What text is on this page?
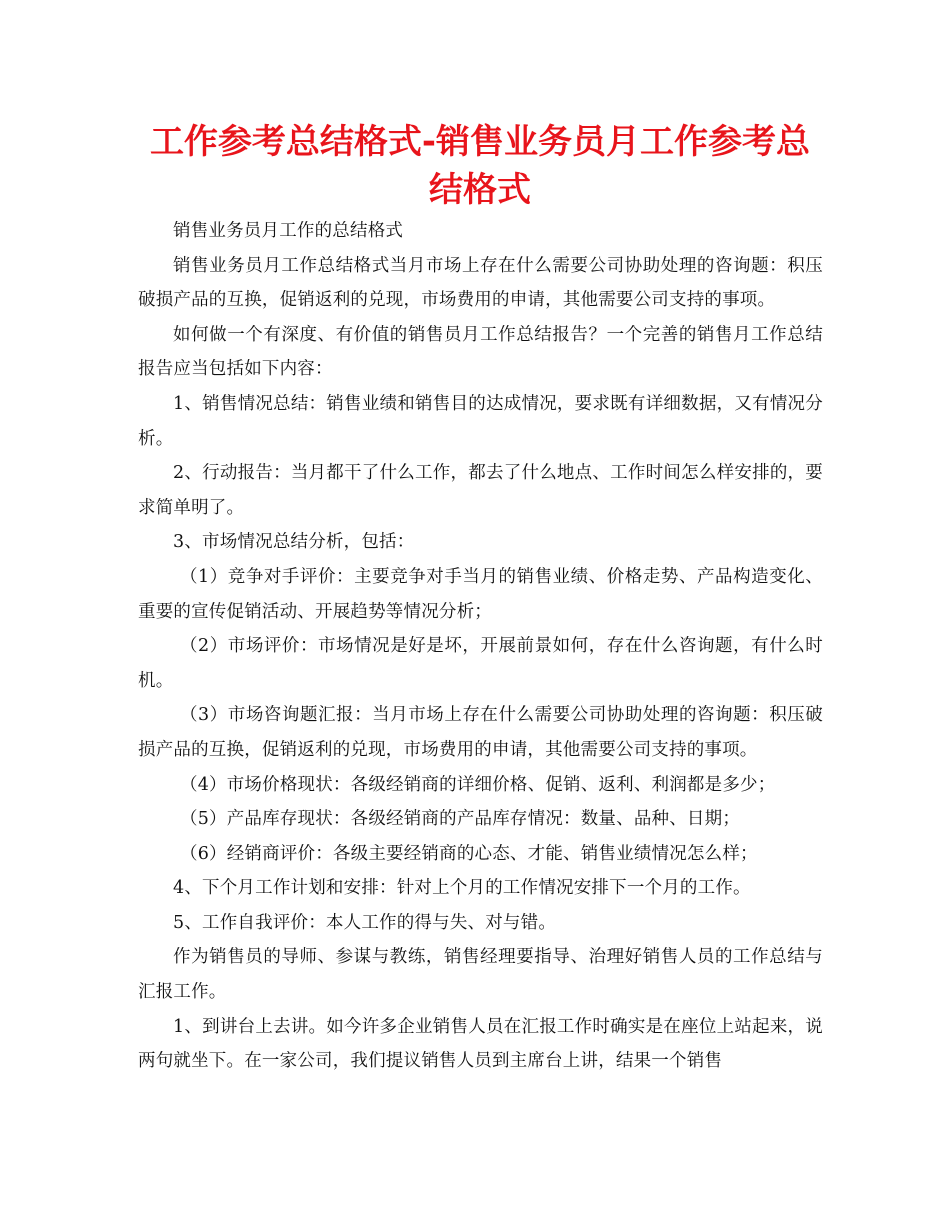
工作参考总结格式-销售业务员月工作参考总结格式

销售业务员月工作的总结格式

销售业务员月工作总结格式当月市场上存在什么需要公司协助处理的咨询题：积压破损产品的互换，促销返利的兑现，市场费用的申请，其他需要公司支持的事项。

如何做一个有深度、有价值的销售员月工作总结报告？一个完善的销售月工作总结报告应当包括如下内容：

1、销售情况总结：销售业绩和销售目的达成情况，要求既有详细数据，又有情况分析。

2、行动报告：当月都干了什么工作，都去了什么地点、工作时间怎么样安排的，要求简单明了。

3、市场情况总结分析，包括：

（1）竞争对手评价：主要竞争对手当月的销售业绩、价格走势、产品构造变化、重要的宣传促销活动、开展趋势等情况分析；

（2）市场评价：市场情况是好是坏，开展前景如何，存在什么咨询题，有什么时机。

（3）市场咨询题汇报：当月市场上存在什么需要公司协助处理的咨询题：积压破损产品的互换，促销返利的兑现，市场费用的申请，其他需要公司支持的事项。

（4）市场价格现状：各级经销商的详细价格、促销、返利、利润都是多少；

（5）产品库存现状：各级经销商的产品库存情况：数量、品种、日期；

（6）经销商评价：各级主要经销商的心态、才能、销售业绩情况怎么样；

4、下个月工作计划和安排：针对上个月的工作情况安排下一个月的工作。

5、工作自我评价：本人工作的得与失、对与错。

作为销售员的导师、参谋与教练，销售经理要指导、治理好销售人员的工作总结与汇报工作。

1、到讲台上去讲。如今许多企业销售人员在汇报工作时确实是在座位上站起来，说两句就坐下。在一家公司，我们提议销售人员到主席台上讲，结果一个销售
